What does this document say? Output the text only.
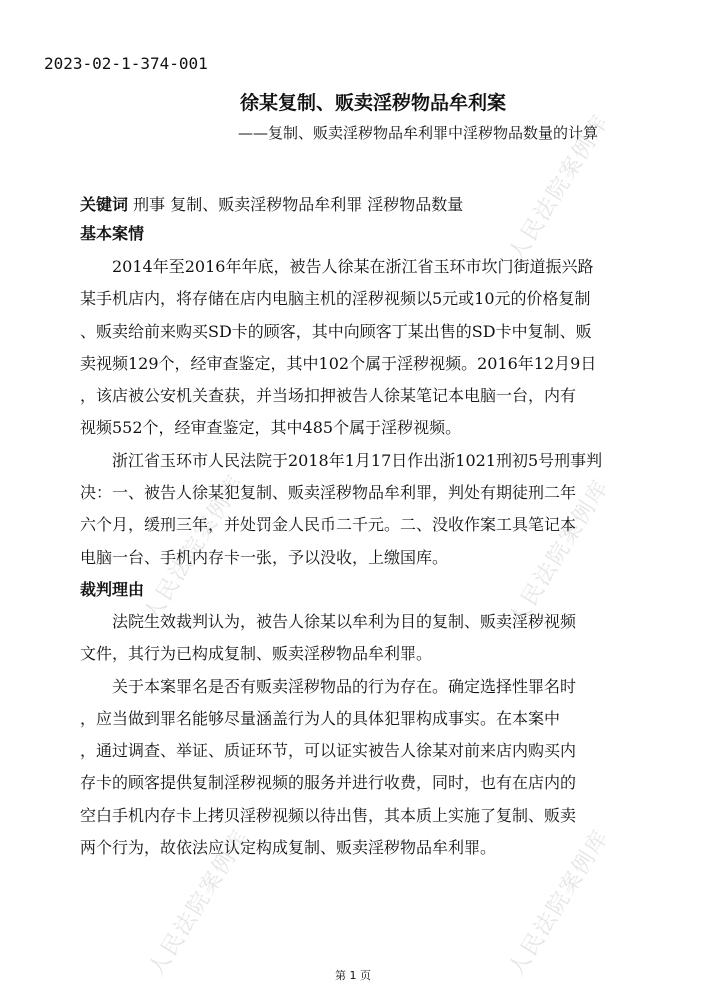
人民法院案例库
人民法院案例库	人民法院案例库
人民法院案例库	人民法院案例库
2023-02-1-374-001
徐某复制、贩卖淫秽物品牟利案
——复制、贩卖淫秽物品牟利罪中淫秽物品数量的计算

关键词 刑事 复制、贩卖淫秽物品牟利罪 淫秽物品数量

基本案情

2014年至2016年年底，被告人徐某在浙江省玉环市坎门街道振兴路

某手机店内，将存储在店内电脑主机的淫秽视频以5元或10元的价格复制

、贩卖给前来购买SD卡的顾客，其中向顾客丁某出售的SD卡中复制、贩

卖视频129个，经审查鉴定，其中102个属于淫秽视频。2016年12月9日

，该店被公安机关查获，并当场扣押被告人徐某笔记本电脑一台，内有

视频552个，经审查鉴定，其中485个属于淫秽视频。

浙江省玉环市人民法院于2018年1月17日作出浙1021刑初5号刑事判

决：一、被告人徐某犯复制、贩卖淫秽物品牟利罪，判处有期徒刑二年

六个月，缓刑三年，并处罚金人民币二千元。二、没收作案工具笔记本

电脑一台、手机内存卡一张，予以没收，上缴国库。

裁判理由

法院生效裁判认为，被告人徐某以牟利为目的复制、贩卖淫秽视频

文件，其行为已构成复制、贩卖淫秽物品牟利罪。

关于本案罪名是否有贩卖淫秽物品的行为存在。确定选择性罪名时

，应当做到罪名能够尽量涵盖行为人的具体犯罪构成事实。在本案中

，通过调查、举证、质证环节，可以证实被告人徐某对前来店内购买内

存卡的顾客提供复制淫秽视频的服务并进行收费，同时，也有在店内的

空白手机内存卡上拷贝淫秽视频以待出售，其本质上实施了复制、贩卖

两个行为，故依法应认定构成复制、贩卖淫秽物品牟利罪。

第 1 页
